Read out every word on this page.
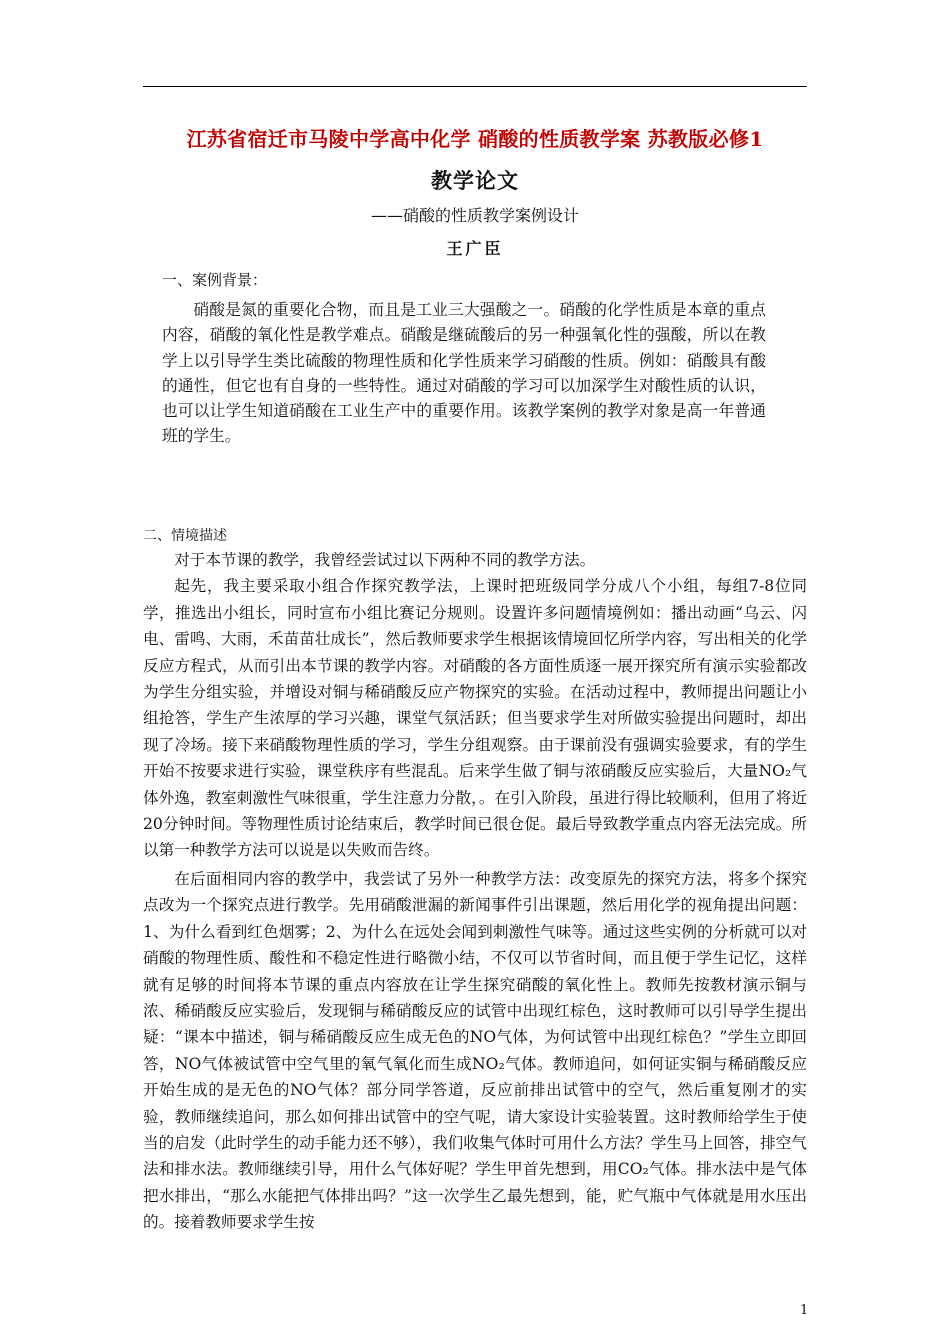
江苏省宿迁市马陵中学高中化学 硝酸的性质教学案 苏教版必修1
教学论文
——硝酸的性质教学案例设计
王广臣
一、案例背景：
硝酸是氮的重要化合物，而且是工业三大强酸之一。硝酸的化学性质是本章的重点内容，硝酸的氧化性是教学难点。硝酸是继硫酸后的另一种强氧化性的强酸，所以在教学上以引导学生类比硫酸的物理性质和化学性质来学习硝酸的性质。例如：硝酸具有酸的通性，但它也有自身的一些特性。通过对硝酸的学习可以加深学生对酸性质的认识，也可以让学生知道硝酸在工业生产中的重要作用。该教学案例的教学对象是高一年普通班的学生。
二、情境描述

对于本节课的教学，我曾经尝试过以下两种不同的教学方法。

起先，我主要采取小组合作探究教学法，上课时把班级同学分成八个小组，每组7-8位同学，推选出小组长，同时宣布小组比赛记分规则。设置许多问题情境例如：播出动画“乌云、闪电、雷鸣、大雨，禾苗苗壮成长”，然后教师要求学生根据该情境回忆所学内容，写出相关的化学反应方程式，从而引出本节课的教学内容。对硝酸的各方面性质逐一展开探究所有演示实验都改为学生分组实验，并增设对铜与稀硝酸反应产物探究的实验。在活动过程中，教师提出问题让小组抢答，学生产生浓厚的学习兴趣，课堂气氛活跃；但当要求学生对所做实验提出问题时，却出现了冷场。接下来硝酸物理性质的学习，学生分组观察。由于课前没有强调实验要求，有的学生开始不按要求进行实验，课堂秩序有些混乱。后来学生做了铜与浓硝酸反应实验后，大量NO₂气体外逸，教室刺激性气味很重，学生注意力分散，。在引入阶段，虽进行得比较顺利，但用了将近20分钟时间。等物理性质讨论结束后，教学时间已很仓促。最后导致教学重点内容无法完成。所以第一种教学方法可以说是以失败而告终。

在后面相同内容的教学中，我尝试了另外一种教学方法：改变原先的探究方法，将多个探究点改为一个探究点进行教学。先用硝酸泄漏的新闻事件引出课题，然后用化学的视角提出问题：1、为什么看到红色烟雾；2、为什么在远处会闻到刺激性气味等。通过这些实例的分析就可以对硝酸的物理性质、酸性和不稳定性进行略微小结，不仅可以节省时间，而且便于学生记忆，这样就有足够的时间将本节课的重点内容放在让学生探究硝酸的氧化性上。教师先按教材演示铜与浓、稀硝酸反应实验后，发现铜与稀硝酸反应的试管中出现红棕色，这时教师可以引导学生提出疑：“课本中描述，铜与稀硝酸反应生成无色的NO气体，为何试管中出现红棕色？”学生立即回答，NO气体被试管中空气里的氧气氧化而生成NO₂气体。教师追问，如何证实铜与稀硝酸反应开始生成的是无色的NO气体？部分同学答道，反应前排出试管中的空气，然后重复刚才的实验，教师继续追问，那么如何排出试管中的空气呢，请大家设计实验装置。这时教师给学生于使当的启发（此时学生的动手能力还不够），我们收集气体时可用什么方法？学生马上回答，排空气法和排水法。教师继续引导，用什么气体好呢？学生甲首先想到，用CO₂气体。排水法中是气体把水排出，“那么水能把气体排出吗？”这一次学生乙最先想到，能，贮气瓶中气体就是用水压出的。接着教师要求学生按

1
